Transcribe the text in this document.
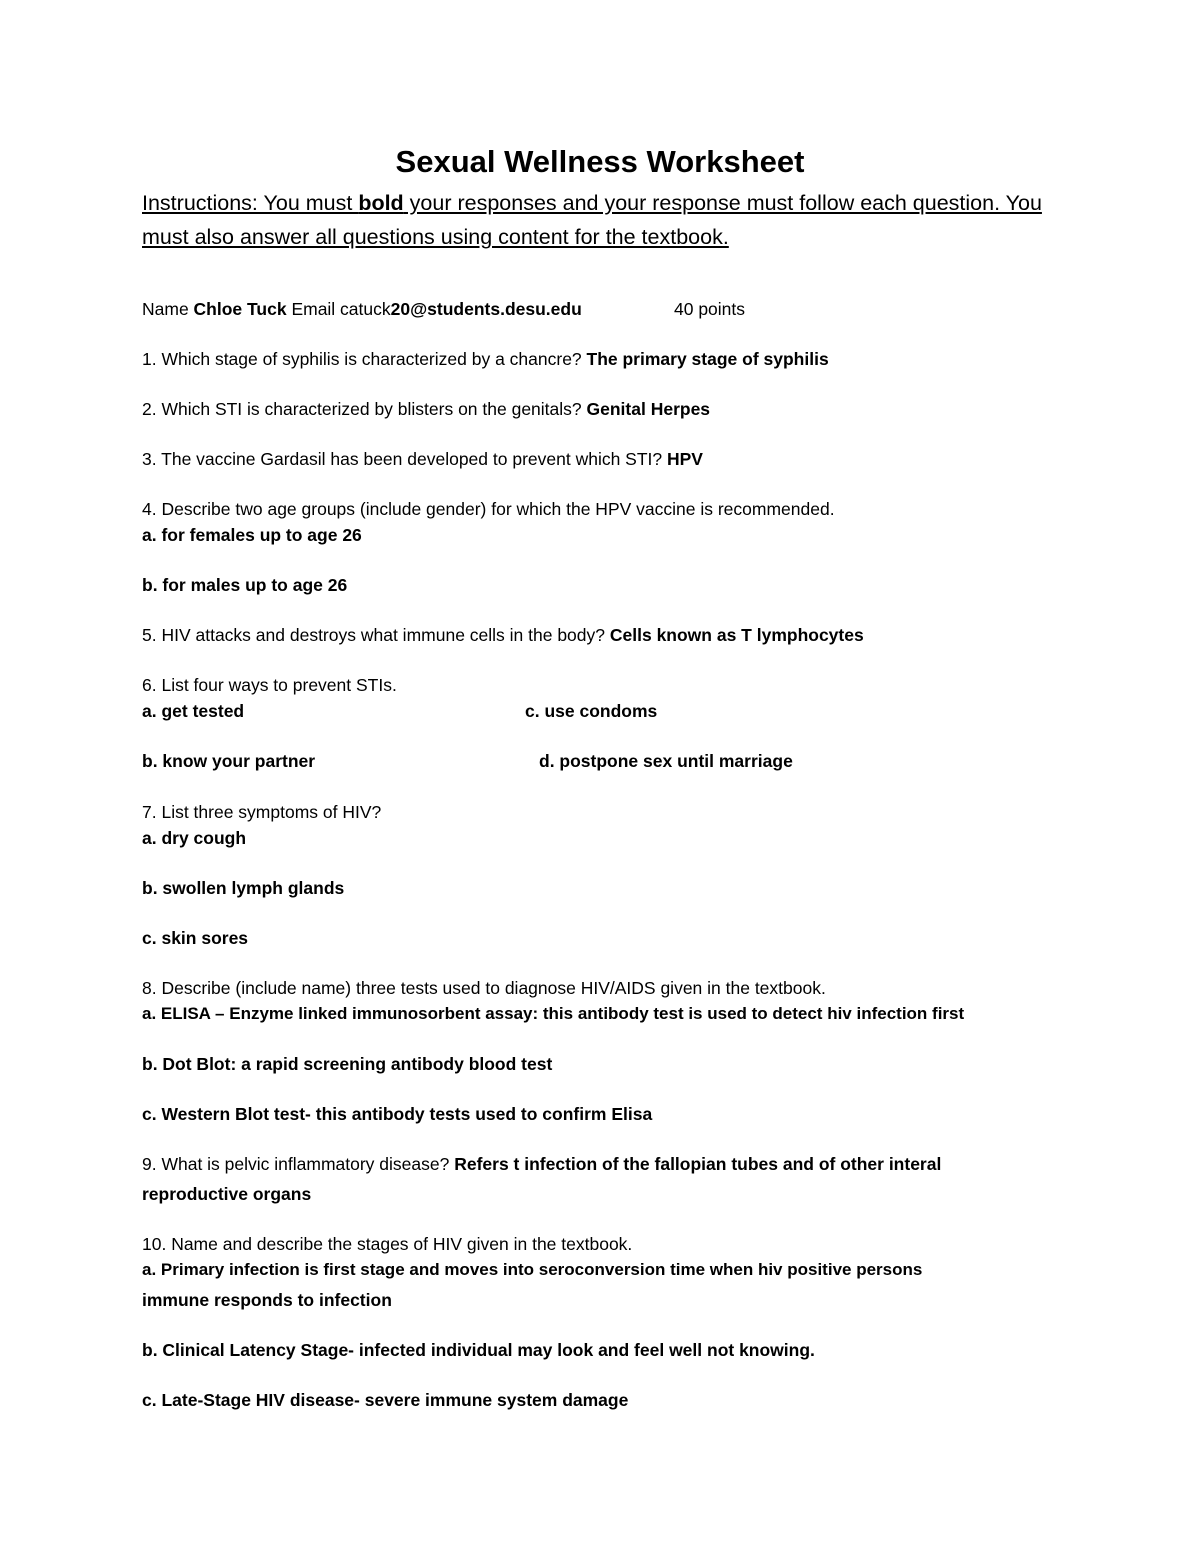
Sexual Wellness Worksheet
Instructions: You must bold your responses and your response must follow each question. You must also answer all questions using content for the textbook.
Name Chloe Tuck Email catuck20@students.desu.edu	40 points
1. Which stage of syphilis is characterized by a chancre? The primary stage of syphilis
2. Which STI is characterized by blisters on the genitals? Genital Herpes
3. The vaccine Gardasil has been developed to prevent which STI? HPV
4. Describe two age groups (include gender) for which the HPV vaccine is recommended.
a. for females up to age 26
b. for males up to age 26
5. HIV attacks and destroys what immune cells in the body? Cells known as T lymphocytes
6. List four ways to prevent STIs.
a. get tested	c. use condoms
b. know your partner	d. postpone sex until marriage
7. List three symptoms of HIV?
a. dry cough
b. swollen lymph glands
c. skin sores
8. Describe (include name) three tests used to diagnose HIV/AIDS given in the textbook.
a. ELISA – Enzyme linked immunosorbent assay: this antibody test is used to detect hiv infection first
b. Dot Blot: a rapid screening antibody blood test
c. Western Blot test- this antibody tests used to confirm Elisa
9. What is pelvic inflammatory disease? Refers t infection of the fallopian tubes and of other interal
reproductive organs
10. Name and describe the stages of HIV given in the textbook.
a. Primary infection is first stage and moves into seroconversion time when hiv positive persons
immune responds to infection
b. Clinical Latency Stage- infected individual may look and feel well not knowing.
c. Late-Stage HIV disease- severe immune system damage
